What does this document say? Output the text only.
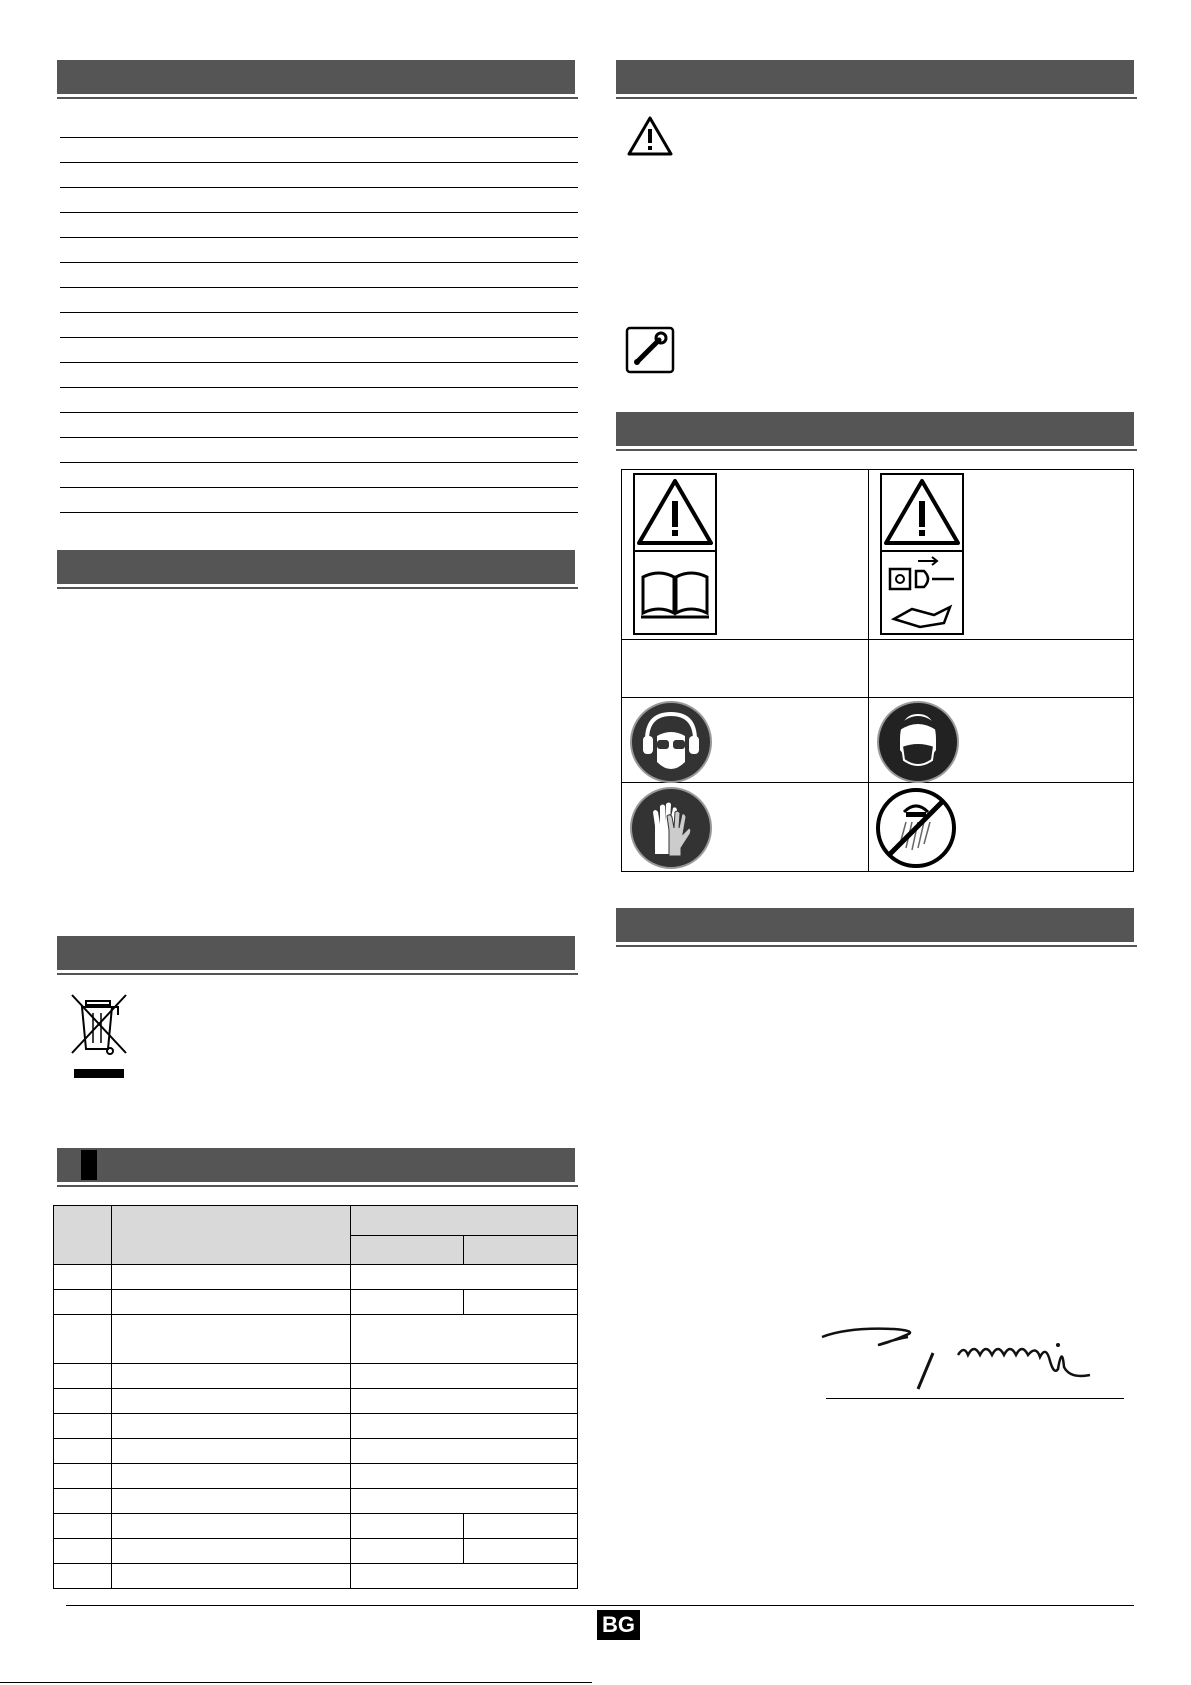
BG
